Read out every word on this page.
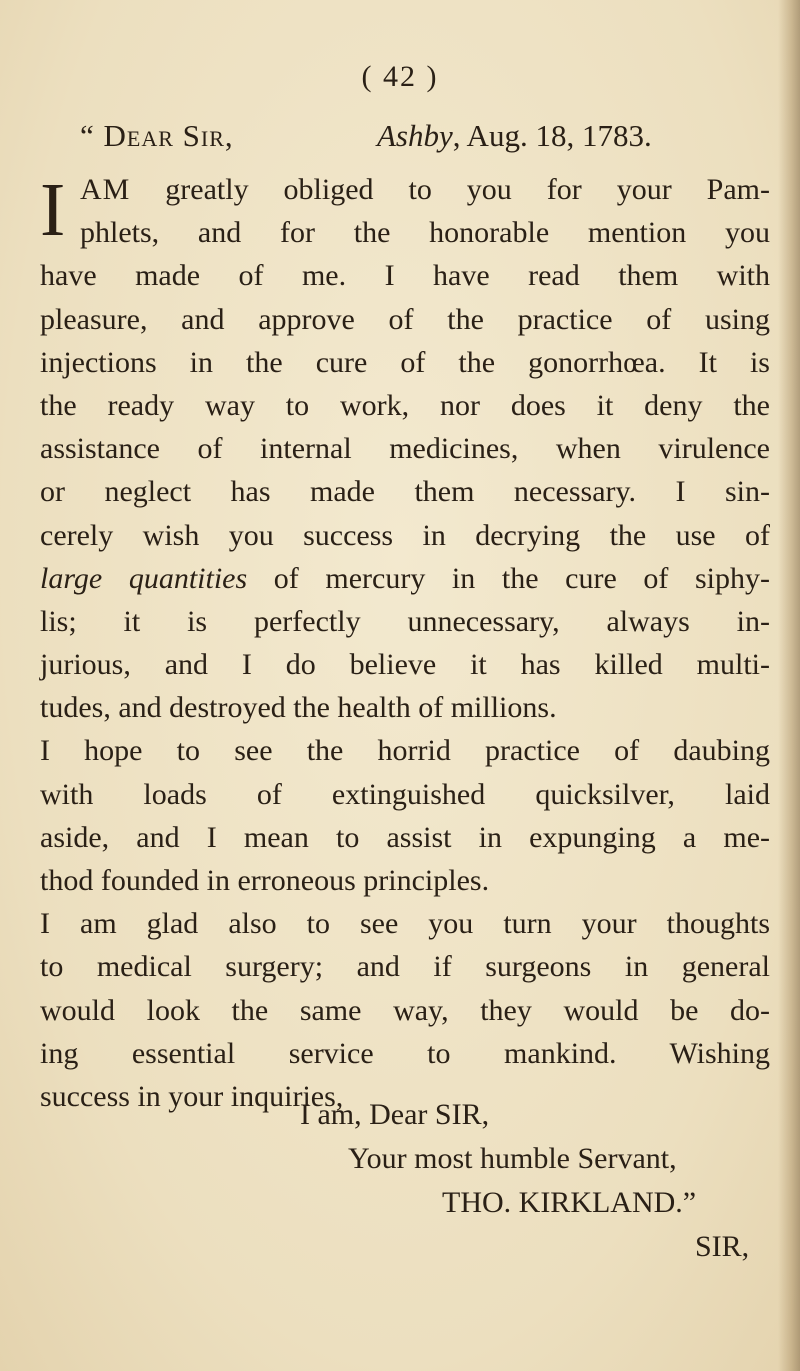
( 42 )
“ Dear Sir,	Ashby, Aug. 18, 1783.
I AM greatly obliged to you for your Pam-
phlets, and for the honorable mention you
have made of me. I have read them with
pleasure, and approve of the practice of using
injections in the cure of the gonorrhœa. It is
the ready way to work, nor does it deny the
assistance of internal medicines, when virulence
or neglect has made them necessary. I sin-
cerely wish you success in decrying the use of
large quantities of mercury in the cure of siphy-
lis; it is perfectly unnecessary, always in-
jurious, and I do believe it has killed multi-
tudes, and destroyed the health of millions.
I hope to see the horrid practice of daubing
with loads of extinguished quicksilver, laid
aside, and I mean to assist in expunging a me-
thod founded in erroneous principles.
I am glad also to see you turn your thoughts
to medical surgery; and if surgeons in general
would look the same way, they would be do-
ing essential service to mankind. Wishing
success in your inquiries,
I am, Dear SIR,
Your most humble Servant,
THO. KIRKLAND.”
SIR,
